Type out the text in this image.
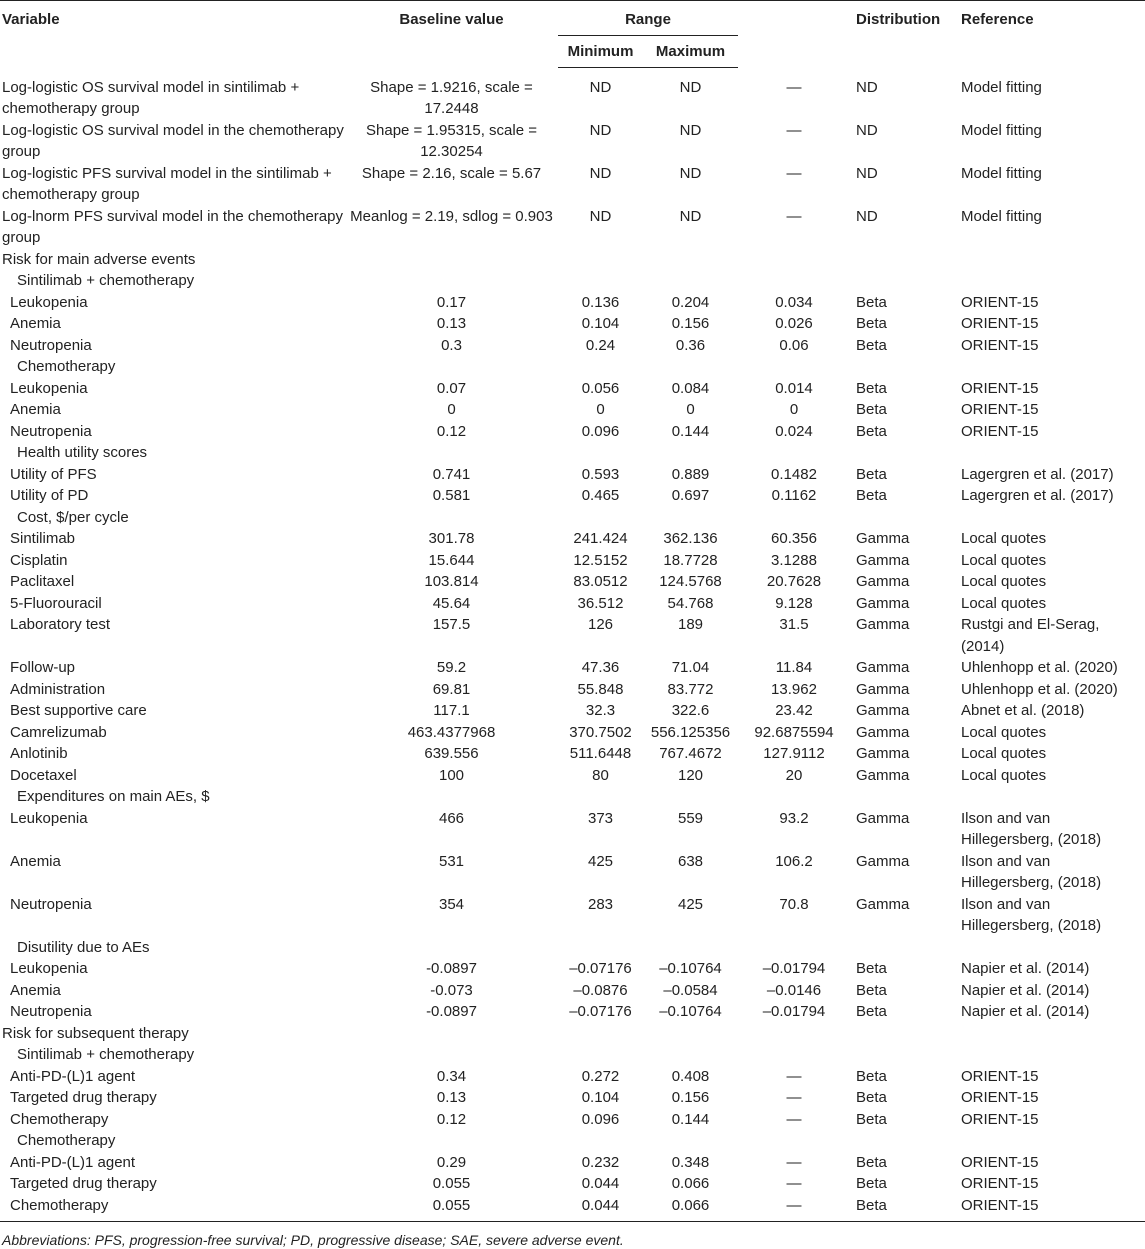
Variable	Baseline value	Range			Distribution	Reference
		Minimum	Maximum			
Log-logistic OS survival model in sintilimab + chemotherapy group	Shape = 1.9216, scale = 17.2448	ND	ND	—	ND	Model fitting
Log-logistic OS survival model in the chemotherapy group	Shape = 1.95315, scale = 12.30254	ND	ND	—	ND	Model fitting
Log-logistic PFS survival model in the sintilimab + chemotherapy group	Shape = 2.16, scale = 5.67	ND	ND	—	ND	Model fitting
Log-lnorm PFS survival model in the chemotherapy group	Meanlog = 2.19, sdlog = 0.903	ND	ND	—	ND	Model fitting
Risk for main adverse events						
Sintilimab + chemotherapy						
Leukopenia	0.17	0.136	0.204	0.034	Beta	ORIENT-15
Anemia	0.13	0.104	0.156	0.026	Beta	ORIENT-15
Neutropenia	0.3	0.24	0.36	0.06	Beta	ORIENT-15
Chemotherapy						
Leukopenia	0.07	0.056	0.084	0.014	Beta	ORIENT-15
Anemia	0	0	0	0	Beta	ORIENT-15
Neutropenia	0.12	0.096	0.144	0.024	Beta	ORIENT-15
Health utility scores						
Utility of PFS	0.741	0.593	0.889	0.1482	Beta	Lagergren et al. (2017)
Utility of PD	0.581	0.465	0.697	0.1162	Beta	Lagergren et al. (2017)
Cost, $/per cycle						
Sintilimab	301.78	241.424	362.136	60.356	Gamma	Local quotes
Cisplatin	15.644	12.5152	18.7728	3.1288	Gamma	Local quotes
Paclitaxel	103.814	83.0512	124.5768	20.7628	Gamma	Local quotes
5-Fluorouracil	45.64	36.512	54.768	9.128	Gamma	Local quotes
Laboratory test	157.5	126	189	31.5	Gamma	Rustgi and El-Serag, (2014)
Follow-up	59.2	47.36	71.04	11.84	Gamma	Uhlenhopp et al. (2020)
Administration	69.81	55.848	83.772	13.962	Gamma	Uhlenhopp et al. (2020)
Best supportive care	117.1	32.3	322.6	23.42	Gamma	Abnet et al. (2018)
Camrelizumab	463.4377968	370.7502	556.125356	92.6875594	Gamma	Local quotes
Anlotinib	639.556	511.6448	767.4672	127.9112	Gamma	Local quotes
Docetaxel	100	80	120	20	Gamma	Local quotes
Expenditures on main AEs, $						
Leukopenia	466	373	559	93.2	Gamma	Ilson and van Hillegersberg, (2018)
Anemia	531	425	638	106.2	Gamma	Ilson and van Hillegersberg, (2018)
Neutropenia	354	283	425	70.8	Gamma	Ilson and van Hillegersberg, (2018)
Disutility due to AEs						
Leukopenia	-0.0897	–0.07176	–0.10764	–0.01794	Beta	Napier et al. (2014)
Anemia	-0.073	–0.0876	–0.0584	–0.0146	Beta	Napier et al. (2014)
Neutropenia	-0.0897	–0.07176	–0.10764	–0.01794	Beta	Napier et al. (2014)
Risk for subsequent therapy						
Sintilimab + chemotherapy						
Anti-PD-(L)1 agent	0.34	0.272	0.408	—	Beta	ORIENT-15
Targeted drug therapy	0.13	0.104	0.156	—	Beta	ORIENT-15
Chemotherapy	0.12	0.096	0.144	—	Beta	ORIENT-15
Chemotherapy						
Anti-PD-(L)1 agent	0.29	0.232	0.348	—	Beta	ORIENT-15
Targeted drug therapy	0.055	0.044	0.066	—	Beta	ORIENT-15
Chemotherapy	0.055	0.044	0.066	—	Beta	ORIENT-15
Abbreviations: PFS, progression-free survival; PD, progressive disease; SAE, severe adverse event.
